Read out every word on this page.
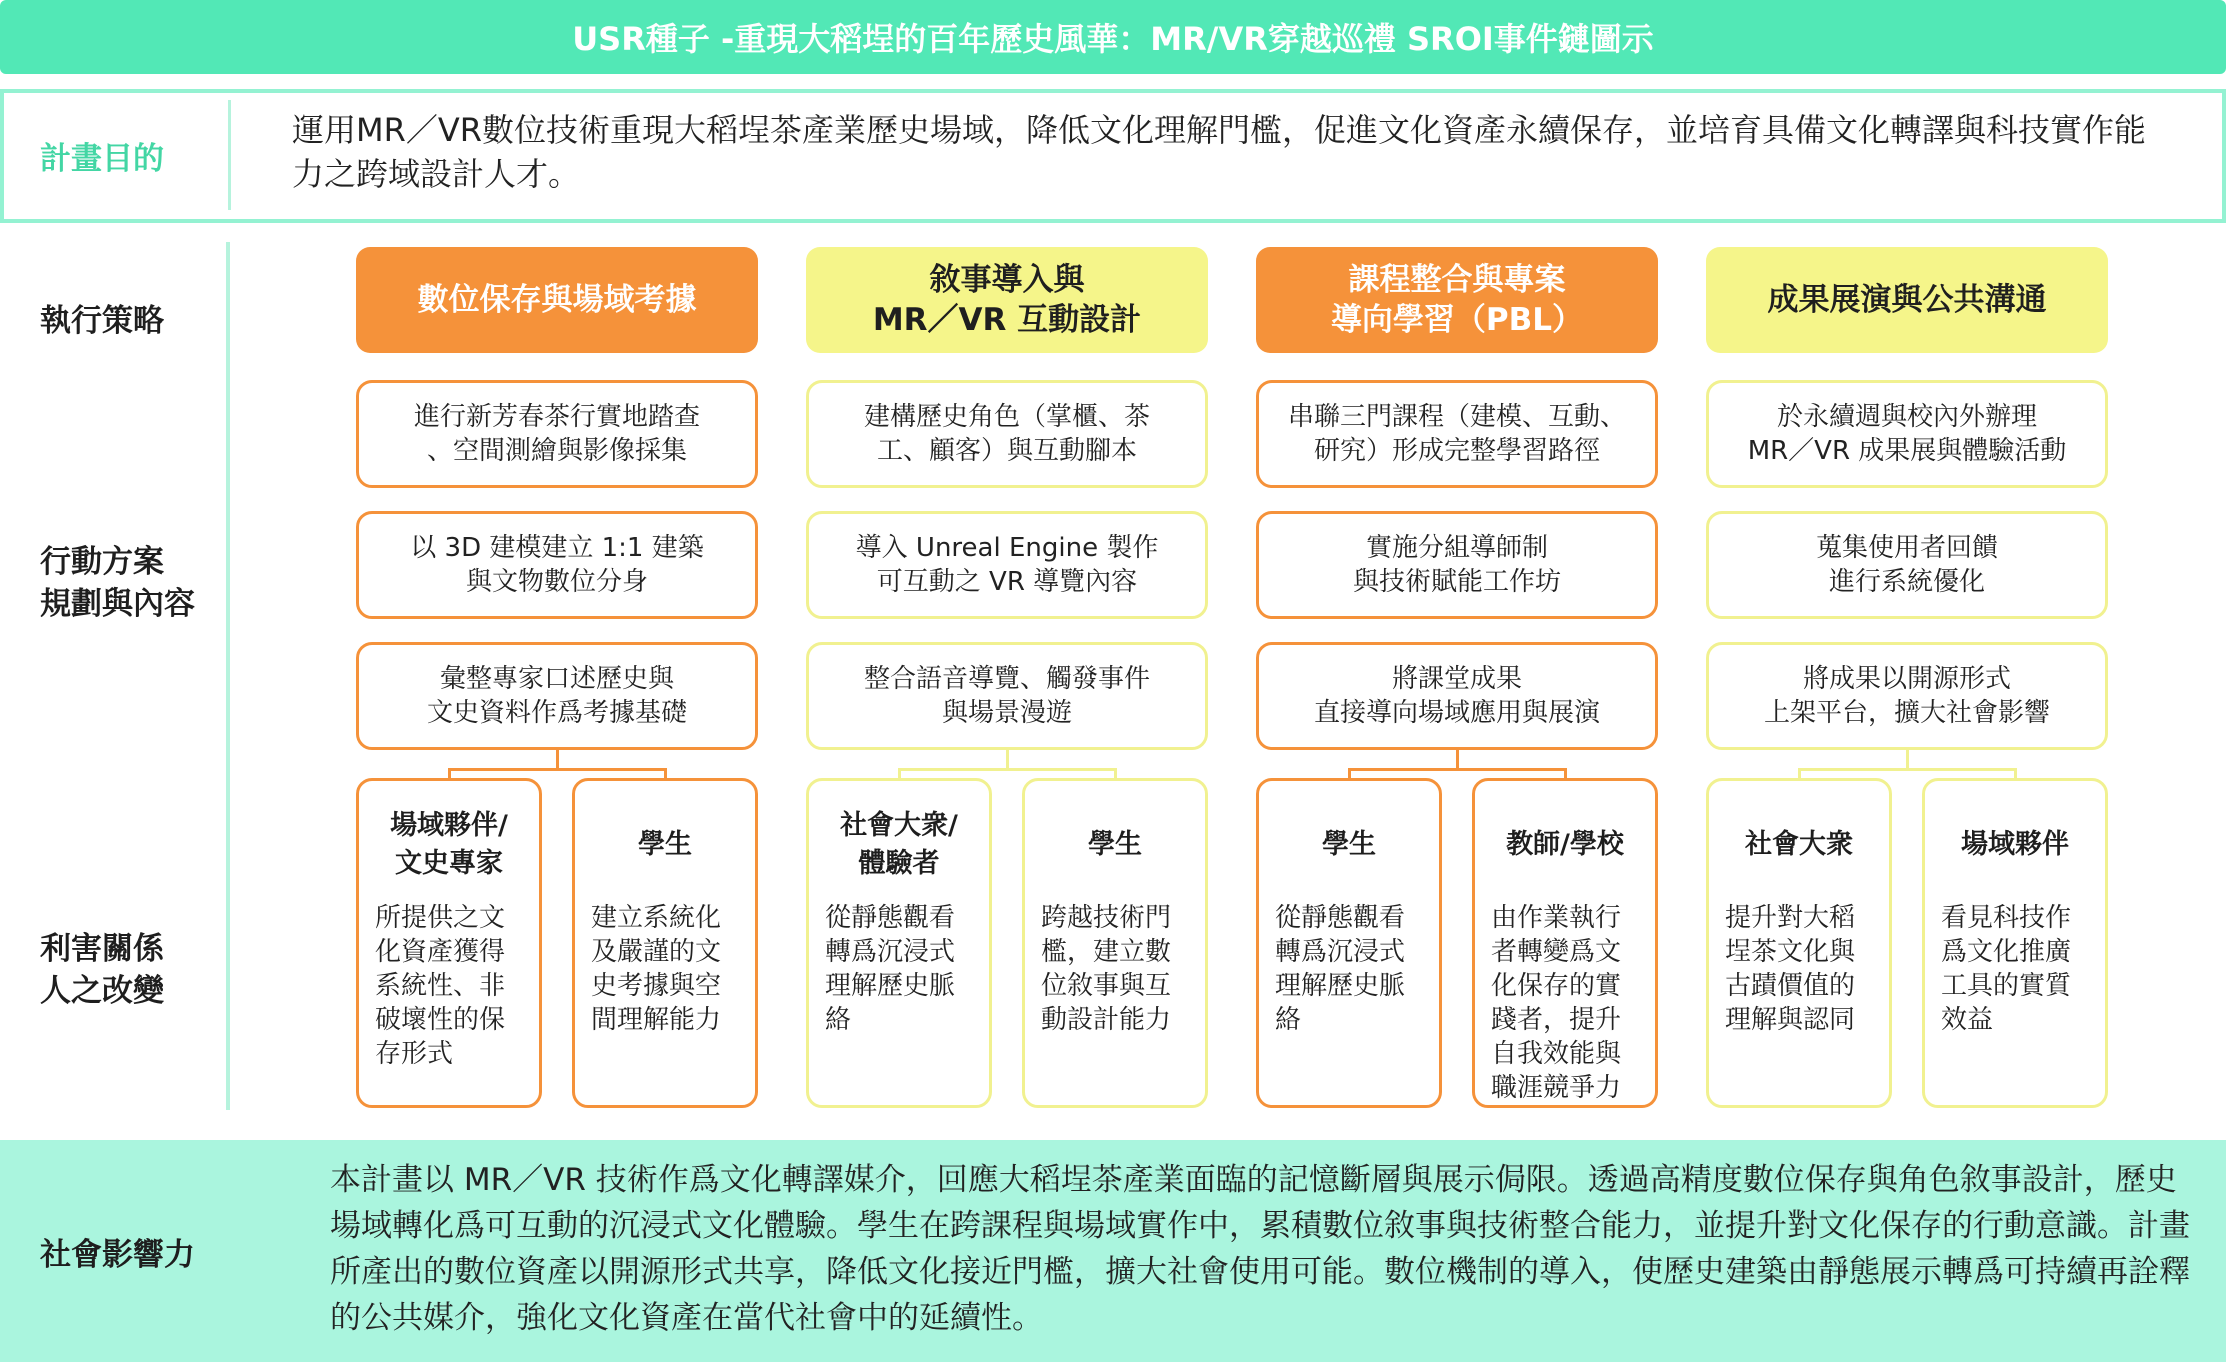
USR種子 -重現大稻埕的百年歷史風華：MR/VR穿越巡禮 SROI事件鏈圖示
計畫目的
運用MR／VR數位技術重現大稻埕茶產業歷史場域，降低文化理解門檻，促進文化資產永續保存，並培育具備文化轉譯與科技實作能力之跨域設計人才。
執行策略
行動方案
規劃與內容
利害關係
人之改變
數位保存與場域考據
進行新芳春茶行實地踏查
、空間測繪與影像採集
以 3D 建模建立 1:1 建築
與文物數位分身
彙整專家口述歷史與
文史資料作爲考據基礎
場域夥伴/
文史專家
所提供之文化資產獲得系統性、非破壞性的保存形式
學生
建立系統化及嚴謹的文史考據與空間理解能力
敘事導入與
MR／VR 互動設計
建構歷史角色（掌櫃、茶
工、顧客）與互動腳本
導入 Unreal Engine 製作
可互動之 VR 導覽內容
整合語音導覽、觸發事件
與場景漫遊
社會大衆/
體驗者
從靜態觀看轉爲沉浸式理解歷史脈絡
學生
跨越技術門檻，建立數位敘事與互動設計能力
課程整合與專案
導向學習（PBL）
串聯三門課程（建模、互動、
研究）形成完整學習路徑
實施分組導師制
與技術賦能工作坊
將課堂成果
直接導向場域應用與展演
學生
從靜態觀看轉爲沉浸式理解歷史脈絡
教師/學校
由作業執行者轉變爲文化保存的實踐者，提升自我效能與職涯競爭力
成果展演與公共溝通
於永續週與校內外辦理
MR／VR 成果展與體驗活動
蒐集使用者回饋
進行系統優化
將成果以開源形式
上架平台，擴大社會影響
社會大衆
提升對大稻埕茶文化與古蹟價值的理解與認同
場域夥伴
看見科技作爲文化推廣工具的實質效益
社會影響力
本計畫以 MR／VR 技術作爲文化轉譯媒介，回應大稻埕茶產業面臨的記憶斷層與展示侷限。透過高精度數位保存與角色敘事設計，歷史場域轉化爲可互動的沉浸式文化體驗。學生在跨課程與場域實作中，累積數位敘事與技術整合能力，並提升對文化保存的行動意識。計畫所產出的數位資產以開源形式共享，降低文化接近門檻，擴大社會使用可能。數位機制的導入，使歷史建築由靜態展示轉爲可持續再詮釋的公共媒介，強化文化資產在當代社會中的延續性。
